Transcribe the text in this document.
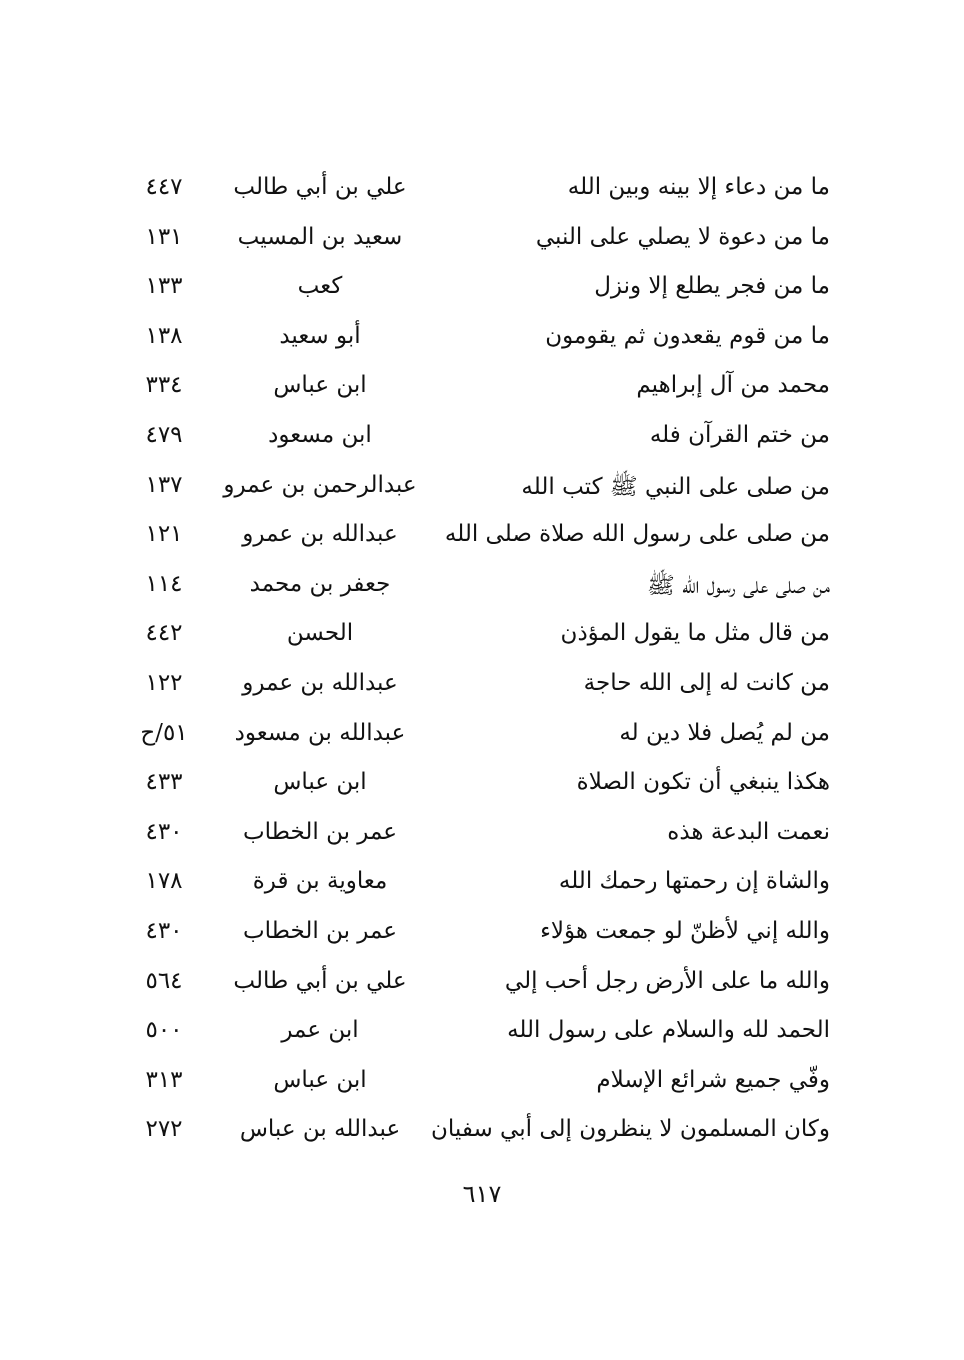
ما من دعاء إلا بينه وبين الله
علي بن أبي طالب
٤٤٧
ما من دعوة لا يصلي على النبي
سعيد بن المسيب
١٣١
ما من فجر يطلع إلا ونزل
كعب
١٣٣
ما من قوم يقعدون ثم يقومون
أبو سعيد
١٣٨
محمد من آل إبراهيم
ابن عباس
٣٣٤
من ختم القرآن فله
ابن مسعود
٤٧٩
من صلى على النبي ﷺ كتب الله
عبدالرحمن بن عمرو
١٣٧
من صلى على رسول الله صلاة صلى الله
عبدالله بن عمرو
١٢١
من صلى على رسول الله ﷺ
جعفر بن محمد
١١٤
من قال مثل ما يقول المؤذن
الحسن
٤٤٢
من كانت له إلى الله حاجة
عبدالله بن عمرو
١٢٢
من لم يُصل فلا دين له
عبدالله بن مسعود
٥١/ح
هكذا ينبغي أن تكون الصلاة
ابن عباس
٤٣٣
نعمت البدعة هذه
عمر بن الخطاب
٤٣٠
والشاة إن رحمتها رحمك الله
معاوية بن قرة
١٧٨
والله إني لأظنّ لو جمعت هؤلاء
عمر بن الخطاب
٤٣٠
والله ما على الأرض رجل أحب إلي
علي بن أبي طالب
٥٦٤
الحمد لله والسلام على رسول الله
ابن عمر
٥٠٠
وفّي جميع شرائع الإسلام
ابن عباس
٣١٣
وكان المسلمون لا ينظرون إلى أبي سفيان
عبدالله بن عباس
٢٧٢
٦١٧
